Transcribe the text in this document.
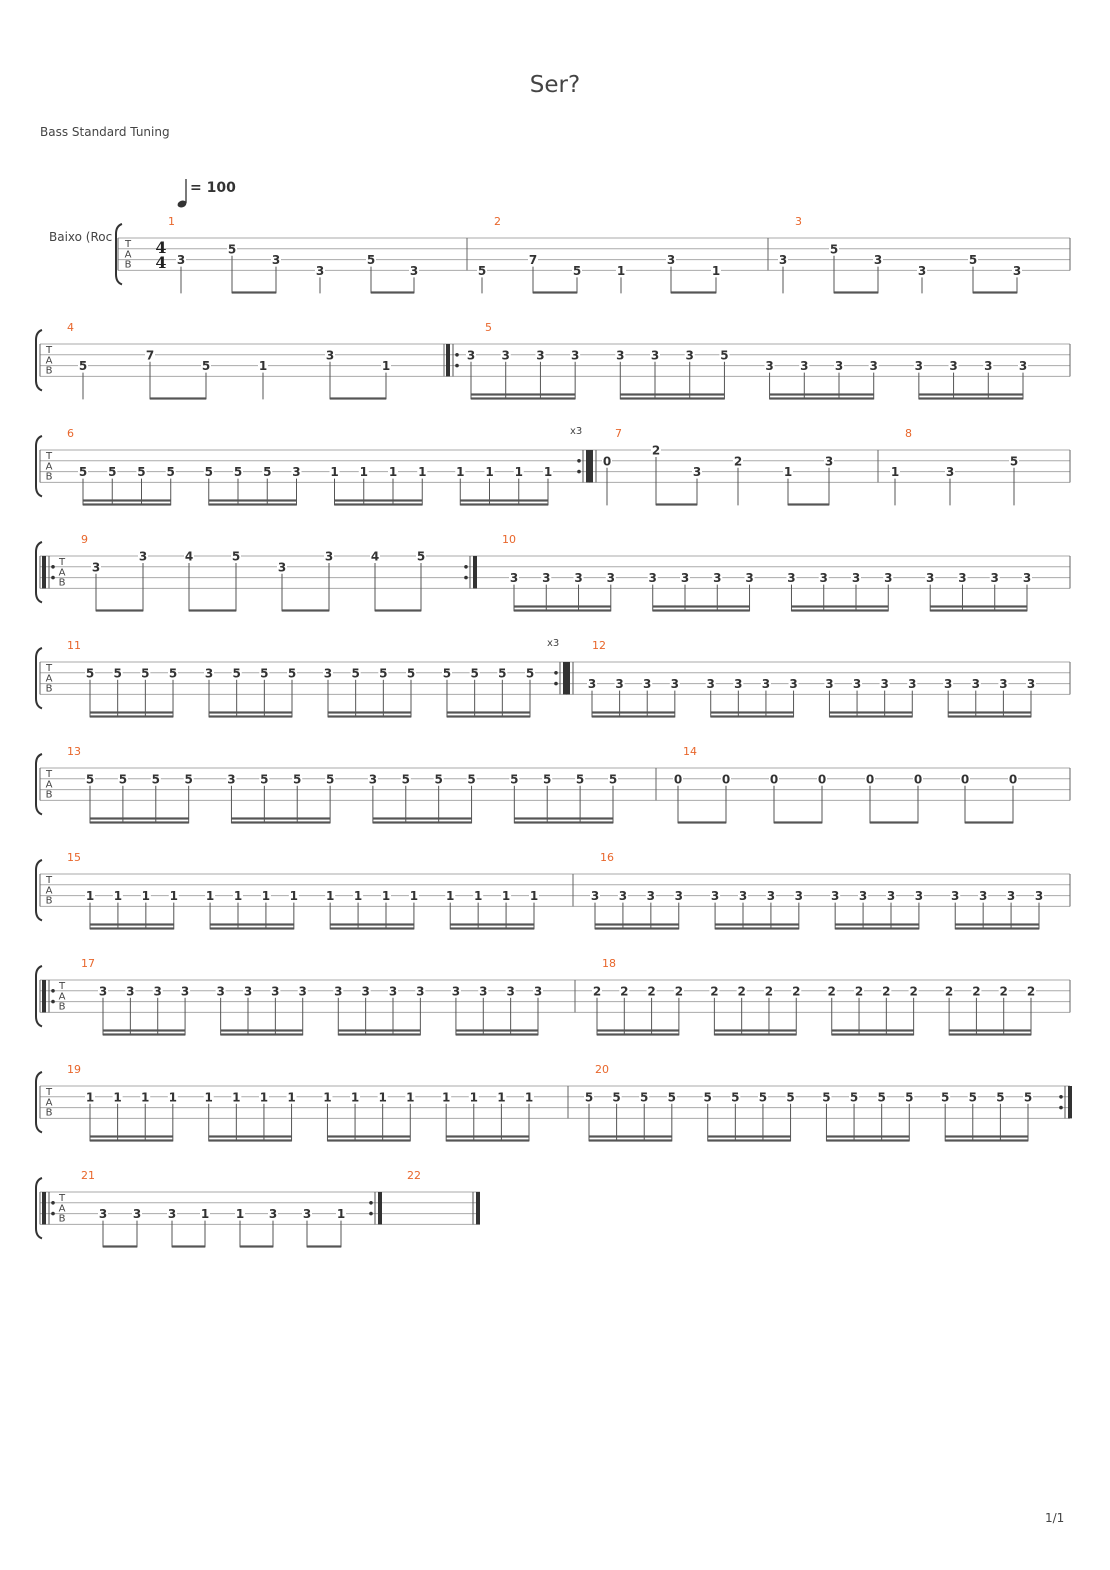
Ser?
Bass Standard Tuning
= 100
Baixo (Roc
1/1
T
A
B
4
4
1
3
5
3
3
5
3
2
5
7
5	1
3
1
3
3
5
3
3
5
3
T
A
B
4
5
7
5	1
3
1
5
3 3 3 3	3 3 3 5
3 3 3 3	3 3 3 3
T
A
B
6	x3
5 5 5 5 5 5 5 3 1 1 1 1 1 1 1 1
7
0
2
3
2
1
3
8
1	3
5
T
A
B
9
3
3	4	5
3
3	4	5
10
3 3 3 3	3 3 3 3	3 3 3 3	3 3 3 3
T
A
B
11	x3
5 5 5 5 3 5 5 5 3 5 5 5 5 5 5 5
12
3 3 3 3 3 3 3 3 3 3 3 3 3 3 3 3
T
A
B
13
5 5 5 5	3 5 5 5	3 5 5 5	5 5 5 5
14
0	0	0	0	0	0	0	0
T
A
B
15
1 1 1 1 1 1 1 1 1 1 1 1 1 1 1 1
16
3 3 3 3 3 3 3 3 3 3 3 3 3 3 3 3
T
A
B
17
3 3 3 3 3 3 3 3 3 3 3 3 3 3 3 3
18
2 2 2 2 2 2 2 2 2 2 2 2 2 2 2 2
T
A
B
19
1 1 1 1 1 1 1 1 1 1 1 1 1 1 1 1
20
5 5 5 5 5 5 5 5 5 5 5 5 5 5 5 5
T
A
B
21
3 3 3 1 1 3 3 1
22
